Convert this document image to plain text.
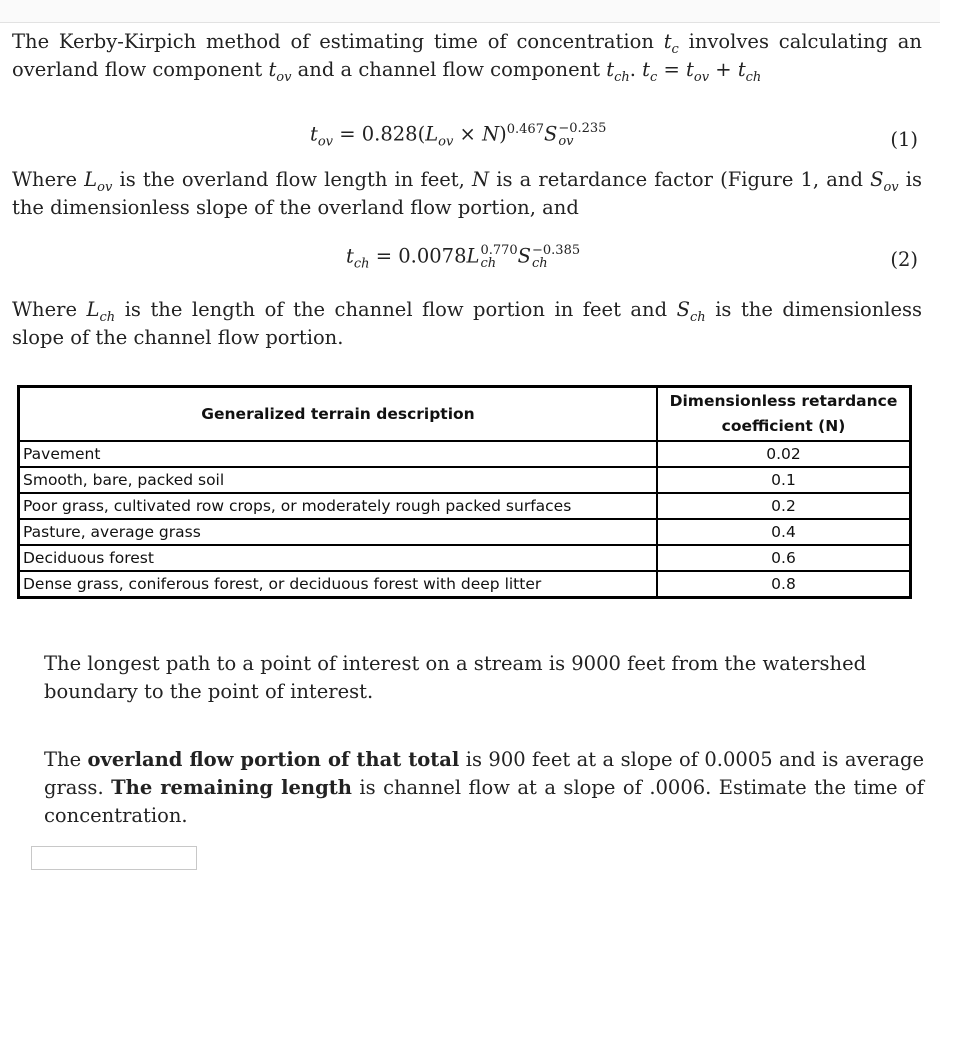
The Kerby-Kirpich method of estimating time of concentration $t_c$ involves calculating an overland flow component $t_{ov}$ and a channel flow component $t_{ch}$. $t_c = t_{ov} + t_{ch}$
$t_{ov} = 0.828(L_{ov} \times N)^{0.467}S -0.235$
ov	(1)
Where $L_{ov}$ is the overland flow length in feet, N is a retardance factor (Figure 1, and $S_{ov}$ is the dimensionless slope of the overland flow portion, and
$t_{ch} = 0.0078L$ 0.770
ch	S −0.385
ch	(2)
Where $L_{ch}$ is the length of the channel flow portion in feet and $S_{ch}$ is the dimensionless slope of the channel flow portion.
Generalized terrain description	Dimensionless retardance coefficient (N)
Pavement	0.02
Smooth, bare, packed soil	0.1
Poor grass, cultivated row crops, or moderately rough packed surfaces	0.2
Pasture, average grass	0.4
Deciduous forest	0.6
Dense grass, coniferous forest, or deciduous forest with deep litter	0.8
The longest path to a point of interest on a stream is 9000 feet from the watershed boundary to the point of interest.
The overland flow portion of that total is 900 feet at a slope of 0.0005 and is average grass. The remaining length is channel flow at a slope of .0006. Estimate the time of concentration.
